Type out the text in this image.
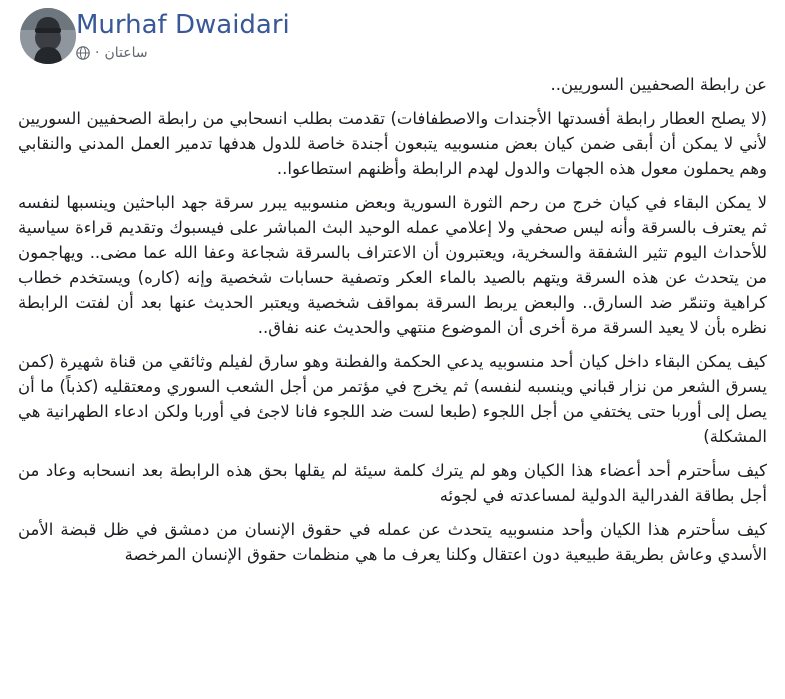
Murhaf Dwaidari
ساعتان
·

عن رابطة الصحفيين السوريين..

(لا يصلح العطار رابطة أفسدتها الأجندات والاصطفافات) تقدمت بطلب انسحابي من رابطة الصحفيين السوريين لأني لا يمكن أن أبقى ضمن كيان بعض منسوبيه يتبعون أجندة خاصة للدول هدفها تدمير العمل المدني والنقابي وهم يحملون معول هذه الجهات والدول لهدم الرابطة وأظنهم استطاعوا..

لا يمكن البقاء في كيان خرج من رحم الثورة السورية وبعض منسوبيه يبرر سرقة جهد الباحثين وينسبها لنفسه ثم يعترف بالسرقة وأنه ليس صحفي ولا إعلامي عمله الوحيد البث المباشر على فيسبوك وتقديم قراءة سياسية للأحداث اليوم تثير الشفقة والسخرية، ويعتبرون أن الاعتراف بالسرقة شجاعة وعفا الله عما مضى.. ويهاجمون من يتحدث عن هذه السرقة ويتهم بالصيد بالماء العكر وتصفية حسابات شخصية وإنه (كاره) ويستخدم خطاب كراهية وتنمّر ضد السارق.. والبعض يربط السرقة بمواقف شخصية ويعتبر الحديث عنها بعد أن لفتت الرابطة نظره بأن لا يعيد السرقة مرة أخرى أن الموضوع منتهي والحديث عنه نفاق..

كيف يمكن البقاء داخل كيان أحد منسوبيه يدعي الحكمة والفطنة وهو سارق لفيلم وثائقي من قناة شهيرة (كمن يسرق الشعر من نزار قباني وينسبه لنفسه) ثم يخرج في مؤتمر من أجل الشعب السوري ومعتقليه (كذباً) ما أن يصل إلى أوربا حتى يختفي من أجل اللجوء (طبعا لست ضد اللجوء فانا لاجئ في أوربا ولكن ادعاء الطهرانية هي المشكلة)

كيف سأحترم أحد أعضاء هذا الكيان وهو لم يترك كلمة سيئة لم يقلها بحق هذه الرابطة بعد انسحابه وعاد من أجل بطاقة الفدرالية الدولية لمساعدته في لجوئه

كيف سأحترم هذا الكيان وأحد منسوبيه يتحدث عن عمله في حقوق الإنسان من دمشق في ظل قبضة الأمن الأسدي وعاش بطريقة طبيعية دون اعتقال وكلنا يعرف ما هي منظمات حقوق الإنسان المرخصة
